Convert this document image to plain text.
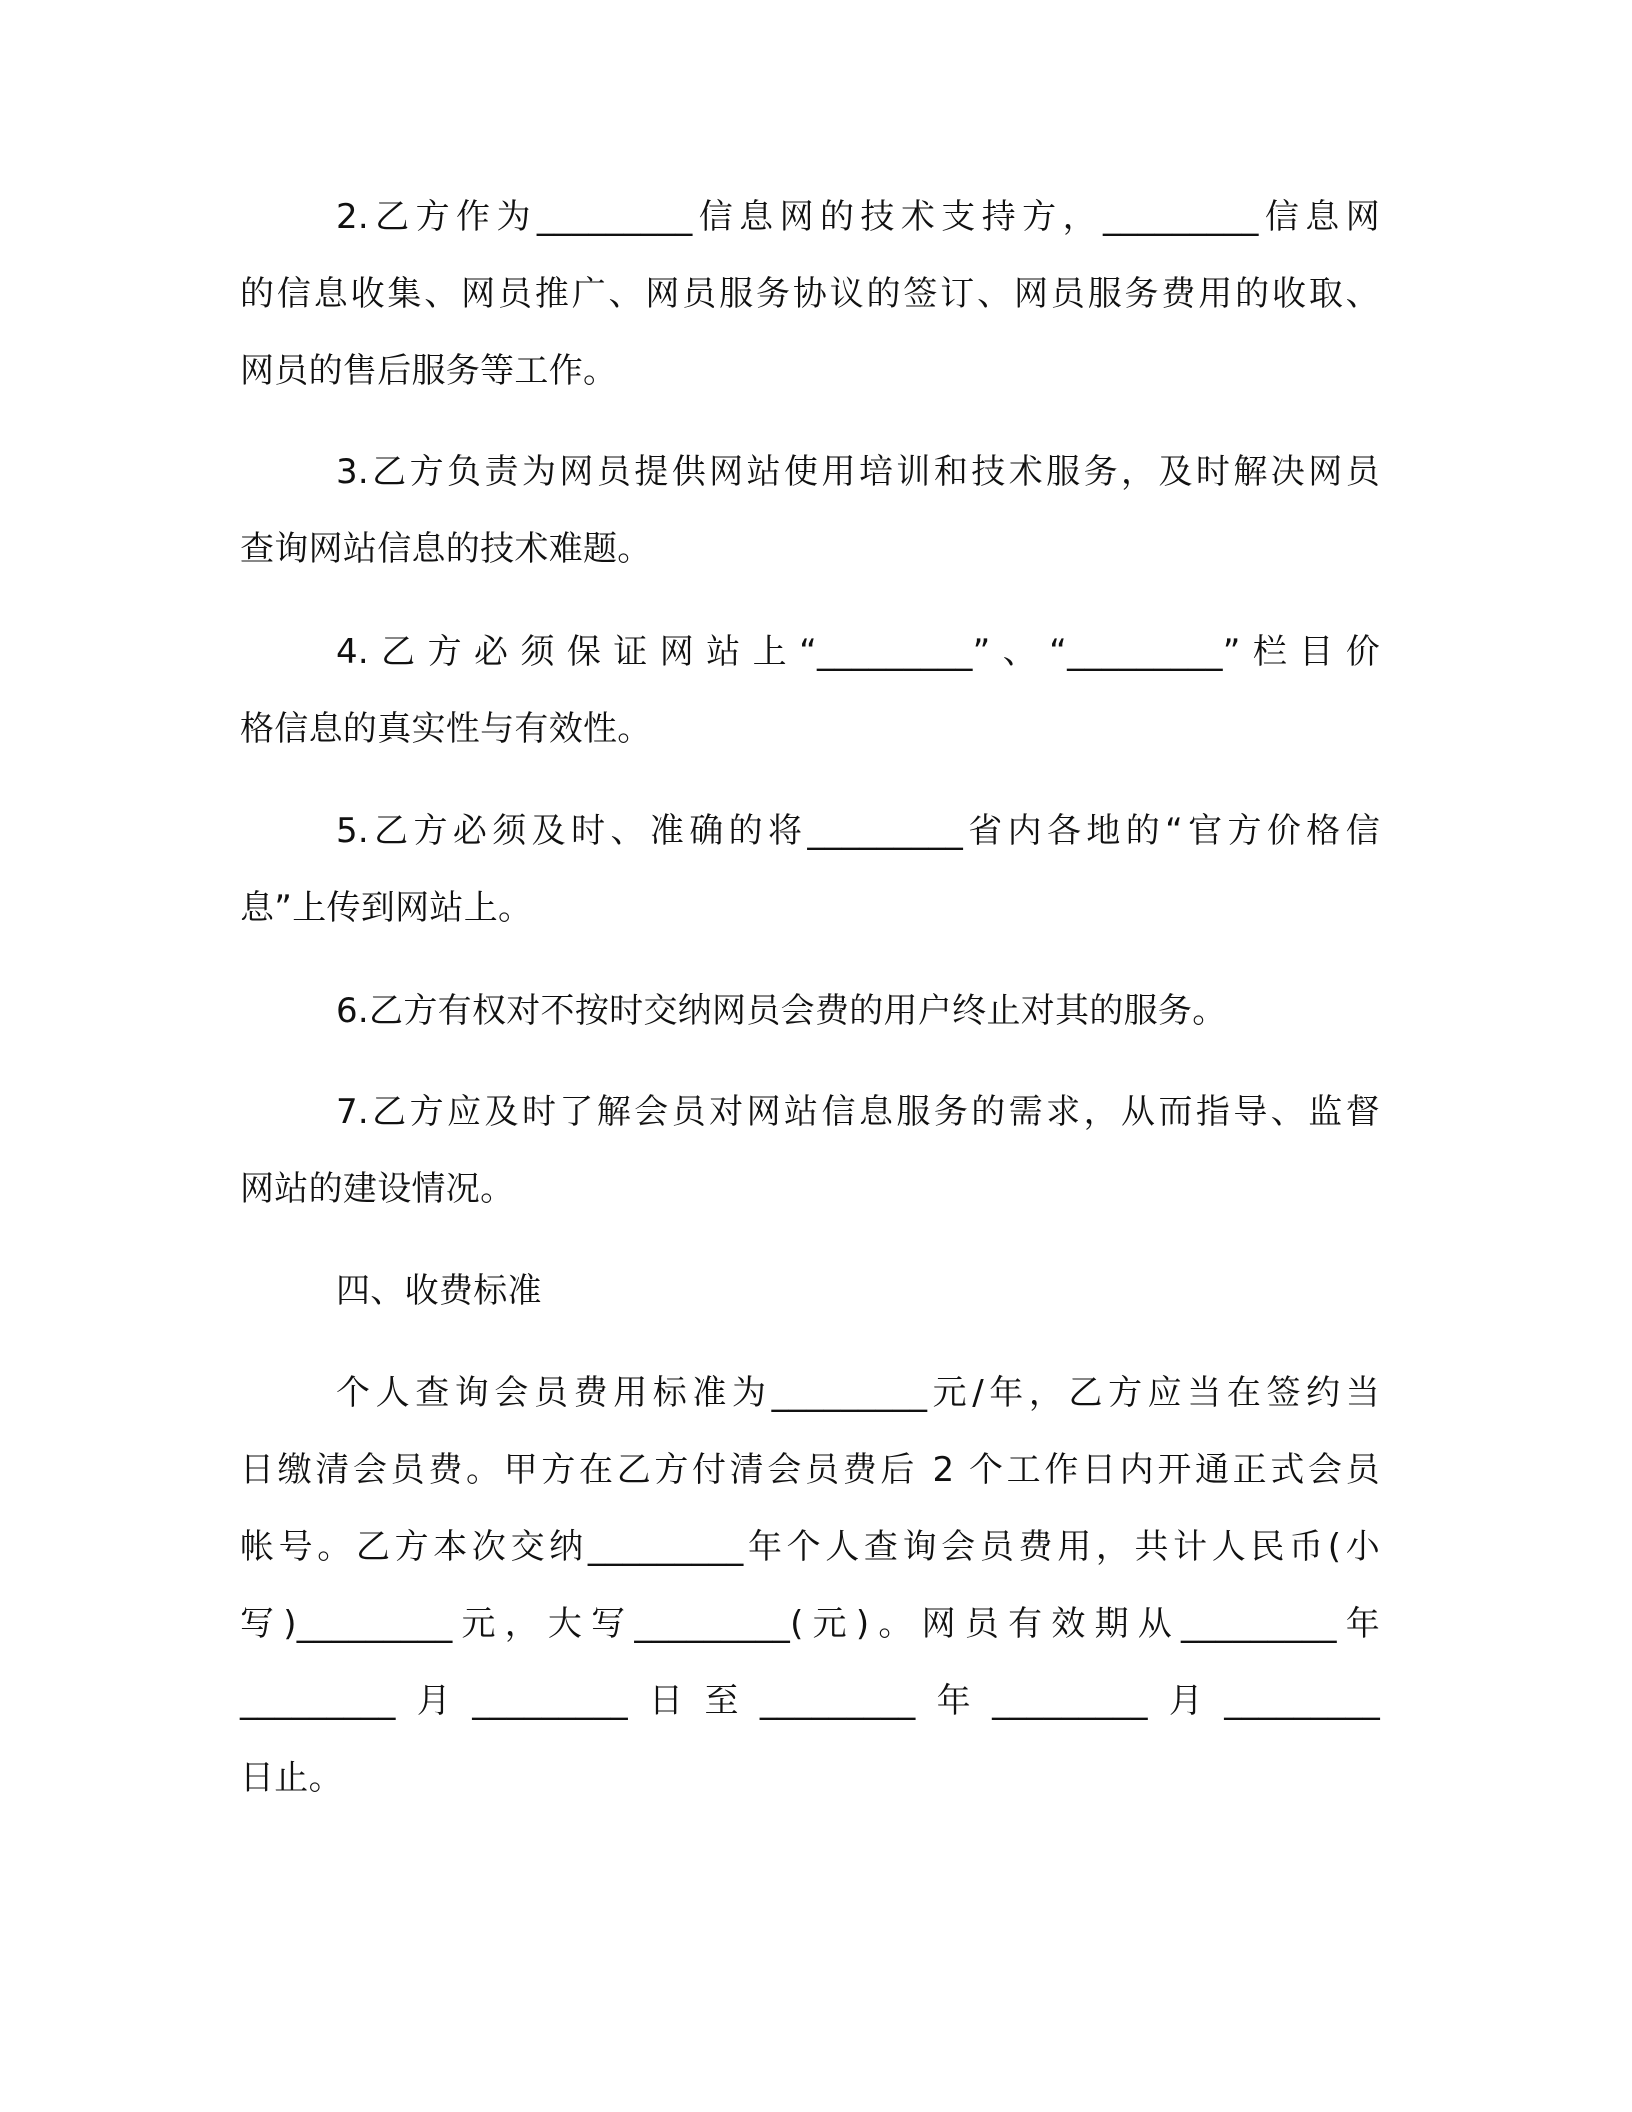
2.乙方作为_________信息网的技术支持方，_________信息网
的信息收集、网员推广、网员服务协议的签订、网员服务费用的收取、
网员的售后服务等工作。
3.乙方负责为网员提供网站使用培训和技术服务，及时解决网员
查询网站信息的技术难题。
4.乙方必须保证网站上“_________”、“_________”栏目价
格信息的真实性与有效性。
5.乙方必须及时、准确的将_________省内各地的“官方价格信
息”上传到网站上。
6.乙方有权对不按时交纳网员会费的用户终止对其的服务。
7.乙方应及时了解会员对网站信息服务的需求，从而指导、监督
网站的建设情况。
四、收费标准
个人查询会员费用标准为_________元/年，乙方应当在签约当
日缴清会员费。甲方在乙方付清会员费后 2 个工作日内开通正式会员
帐号。乙方本次交纳_________年个人查询会员费用，共计人民币(小
写)_________元，大写_________(元)。网员有效期从_________年
_________月_________日至_________年_________月_________
日止。
